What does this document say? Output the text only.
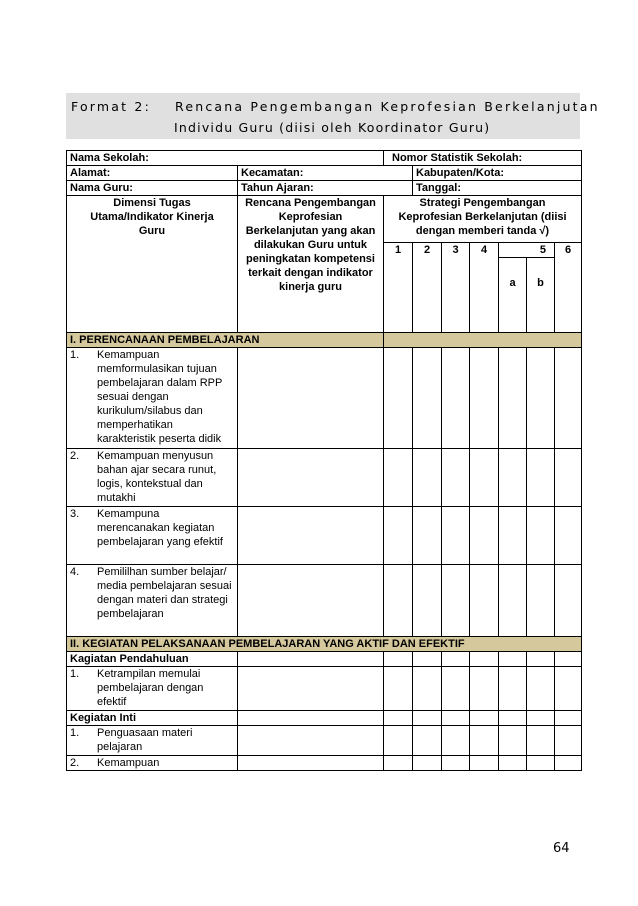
Format 2: Rencana Pengembangan Keprofesian Berkelanjutan
Individu Guru (diisi oleh Koordinator Guru)
Nama Sekolah:		Nomor Statistik Sekolah:						
Alamat:	Kecamatan:		Kabupaten/Kota:					
Nama Guru:	Tahun Ajaran:		Tanggal:					

Dimensi Tugas Utama/Indikator Kinerja Guru	Rencana Pengembangan Keprofesian Berkelanjutan yang akan dilakukan Guru untuk peningkatan kompetensi terkait dengan indikator kinerja guru	Strategi Pengembangan Keprofesian Berkelanjutan (diisi dengan memberi tanda √)						
		1	2	3	4	5		6
						a	b	
I. PERENCANAAN PEMBELAJARAN								

1. Kemampuan memformulasikan tujuan pembelajaran dalam RPP sesuai dengan kurikulum/silabus dan memperhatikan karakteristik peserta didik								

2. Kemampuan menyusun bahan ajar secara runut, logis, kontekstual dan mutakhi								

3. Kemampuna merencanakan kegiatan pembelajaran yang efektif								

4. Pemililhan sumber belajar/ media pembelajaran sesuai dengan materi dan strategi pembelajaran								

II. KEGIATAN PELAKSANAAN PEMBELAJARAN YANG AKTIF DAN EFEKTIF								
Kagiatan Pendahuluan								

1. Ketrampilan memulai pembelajaran dengan efektif								

Kegiatan Inti								

1. Penguasaan materi pelajaran								

2. Kemampuan								

64
